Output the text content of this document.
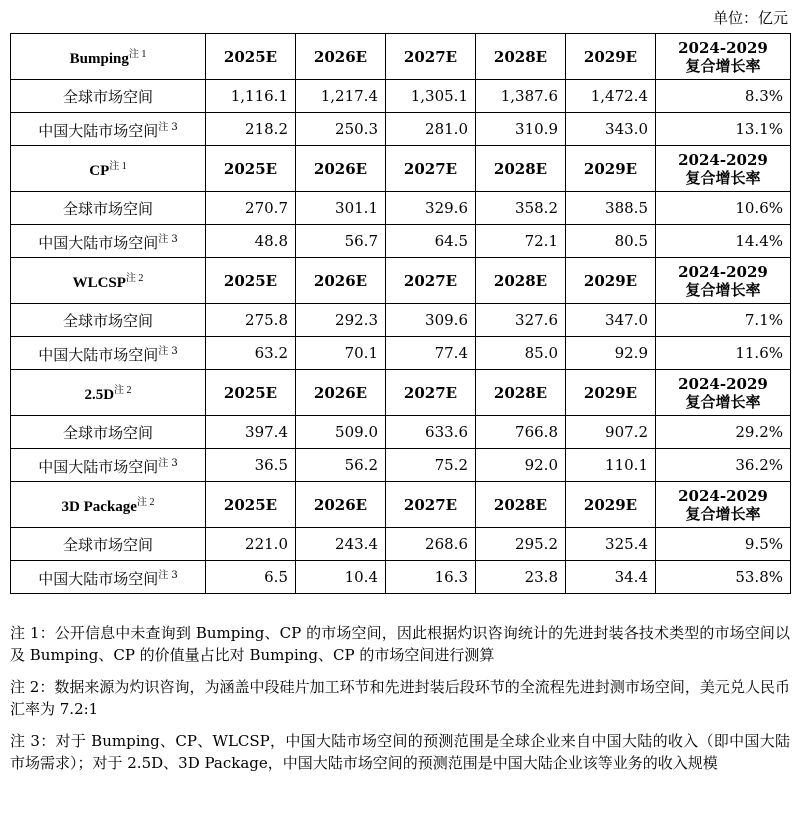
单位：亿元
Bumping$^{注 1}$	2025E	2026E	2027E	2028E	2029E	2024-2029
复合增长率

全球市场空间	1,116.1	1,217.4	1,305.1	1,387.6	1,472.4	8.3%
中国大陆市场空间$^{注 3}$	218.2	250.3	281.0	310.9	343.0	13.1%
$CP^{注 1}$	2025E	2026E	2027E	2028E	2029E	2024-2029
复合增长率

全球市场空间	270.7	301.1	329.6	358.2	388.5	10.6%
中国大陆市场空间$^{注 3}$	48.8	56.7	64.5	72.1	80.5	14.4%
$WLCSP^{注 2}$	2025E	2026E	2027E	2028E	2029E	2024-2029
复合增长率

全球市场空间	275.8	292.3	309.6	327.6	347.0	7.1%
中国大陆市场空间$^{注 3}$	63.2	70.1	77.4	85.0	92.9	11.6%
$2.5D^{注 2}$	2025E	2026E	2027E	2028E	2029E	2024-2029
复合增长率

全球市场空间	397.4	509.0	633.6	766.8	907.2	29.2%
中国大陆市场空间$^{注 3}$	36.5	56.2	75.2	92.0	110.1	36.2%
3D Package$^{注 2}$	2025E	2026E	2027E	2028E	2029E	2024-2029
复合增长率

全球市场空间	221.0	243.4	268.6	295.2	325.4	9.5%
中国大陆市场空间$^{注 3}$	6.5	10.4	16.3	23.8	34.4	53.8%

注 1：公开信息中未查询到 Bumping、CP 的市场空间，因此根据灼识咨询统计的先进封装各技术类型的市场空间以及 Bumping、CP 的价值量占比对 Bumping、CP 的市场空间进行测算

注 2：数据来源为灼识咨询，为涵盖中段硅片加工环节和先进封装后段环节的全流程先进封测市场空间，美元兑人民币汇率为 7.2:1

注 3：对于 Bumping、CP、WLCSP，中国大陆市场空间的预测范围是全球企业来自中国大陆的收入（即中国大陆市场需求）；对于 2.5D、3D Package，中国大陆市场空间的预测范围是中国大陆企业该等业务的收入规模
